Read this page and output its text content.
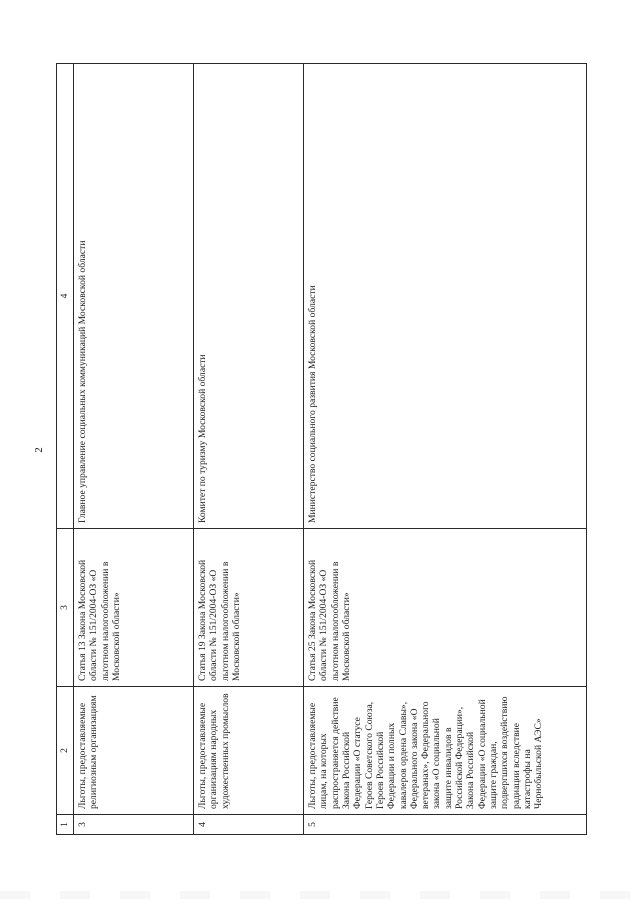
2
1	2	3	4
3	Льготы, предоставляемые религиозным организациям	Статья 13 Закона Московской области № 151/2004-ОЗ «О льготном налогообложении в Московской области»	Главное управление социальных коммуникаций Московской области
4	Льготы, предоставляемые организациям народных художественных промыслов	Статья 19 Закона Московской области № 151/2004-ОЗ «О льготном налогообложении в Московской области»	Комитет по туризму Московской области
5	Льготы, предоставляемые лицам, на которых распространяется действие Закона Российской Федерации «О статусе Героев Советского Союза, Героев Российской Федерации и полных кавалеров ордена Славы», Федерального закона «О ветеранах», Федерального закона «О социальной защите инвалидов в Российской Федерации», Закона Российской Федерации «О социальной защите граждан, подвергшихся воздействию радиации вследствие катастрофы на Чернобыльской АЭС»	Статья 25 Закона Московской области № 151/2004-ОЗ «О льготном налогообложении в Московской области»	Министерство социального развития Московской области
